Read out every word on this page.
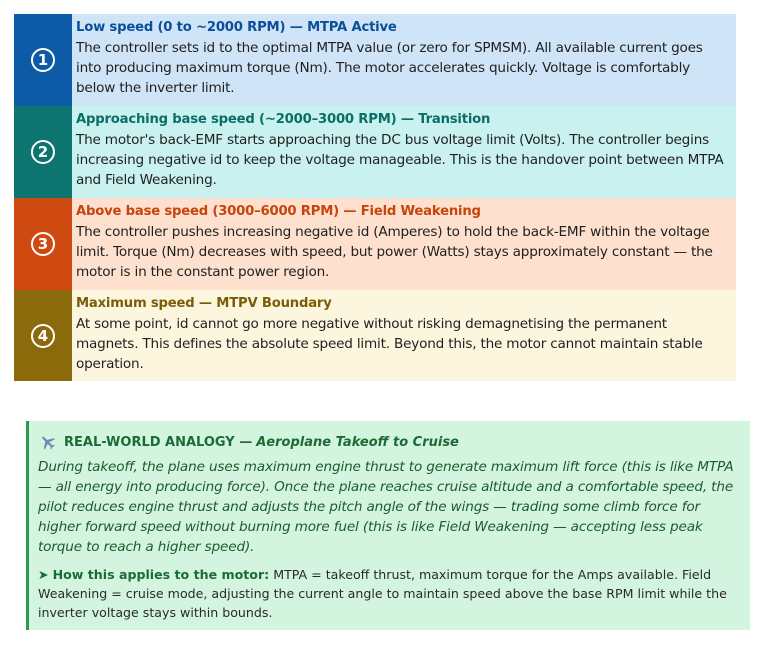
1
Low speed (0 to ~2000 RPM) — MTPA Active
The controller sets id to the optimal MTPA value (or zero for SPMSM). All available current goes into producing maximum torque (Nm). The motor accelerates quickly. Voltage is comfortably below the inverter limit.
2
Approaching base speed (~2000–3000 RPM) — Transition
The motor's back-EMF starts approaching the DC bus voltage limit (Volts). The controller begins increasing negative id to keep the voltage manageable. This is the handover point between MTPA and Field Weakening.
3
Above base speed (3000–6000 RPM) — Field Weakening
The controller pushes increasing negative id (Amperes) to hold the back-EMF within the voltage limit. Torque (Nm) decreases with speed, but power (Watts) stays approximately constant — the motor is in the constant power region.
4
Maximum speed — MTPV Boundary
At some point, id cannot go more negative without risking demagnetising the permanent magnets. This defines the absolute speed limit. Beyond this, the motor cannot maintain stable operation.
REAL-WORLD ANALOGY — Aeroplane Takeoff to Cruise
During takeoff, the plane uses maximum engine thrust to generate maximum lift force (this is like MTPA — all energy into producing force). Once the plane reaches cruise altitude and a comfortable speed, the pilot reduces engine thrust and adjusts the pitch angle of the wings — trading some climb force for higher forward speed without burning more fuel (this is like Field Weakening — accepting less peak torque to reach a higher speed).
➤ How this applies to the motor: MTPA = takeoff thrust, maximum torque for the Amps available. Field Weakening = cruise mode, adjusting the current angle to maintain speed above the base RPM limit while the inverter voltage stays within bounds.
